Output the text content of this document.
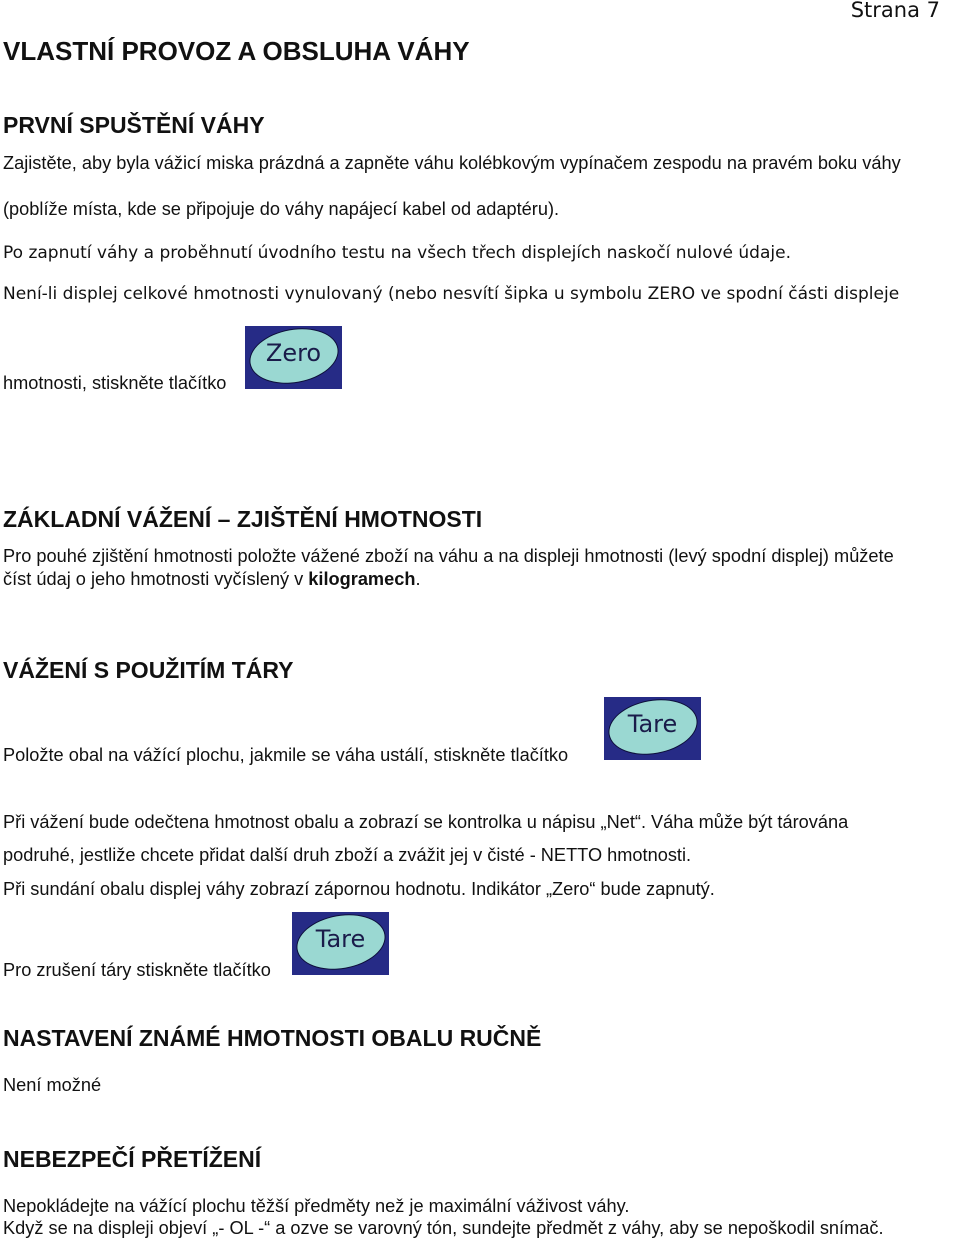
Strana 7
VLASTNÍ PROVOZ A OBSLUHA VÁHY
PRVNÍ SPUŠTĚNÍ VÁHY
Zajistěte, aby byla vážicí miska prázdná a zapněte váhu kolébkovým vypínačem zespodu na pravém boku váhy
(poblíže místa, kde se připojuje do váhy napájecí kabel od adaptéru).
Po zapnutí váhy a proběhnutí úvodního testu na všech třech displejích naskočí nulové údaje.
Není-li displej celkové hmotnosti vynulovaný (nebo nesvítí šipka u symbolu ZERO ve spodní části displeje
hmotnosti, stiskněte tlačítko
Zero
ZÁKLADNÍ VÁŽENÍ – ZJIŠTĚNÍ HMOTNOSTI
Pro pouhé zjištění hmotnosti položte vážené zboží na váhu a na displeji hmotnosti (levý spodní displej) můžete
číst údaj o jeho hmotnosti vyčíslený v kilogramech.
VÁŽENÍ S POUŽITÍM TÁRY
Položte obal na vážící plochu, jakmile se váha ustálí, stiskněte tlačítko
Tare
Při vážení bude odečtena hmotnost obalu a zobrazí se kontrolka u nápisu „Net“. Váha může být tárována
podruhé, jestliže chcete přidat další druh zboží a zvážit jej v čisté - NETTO hmotnosti.
Při sundání obalu displej váhy zobrazí zápornou hodnotu. Indikátor „Zero“ bude zapnutý.
Pro zrušení táry stiskněte tlačítko
Tare
NASTAVENÍ ZNÁMÉ HMOTNOSTI OBALU RUČNĚ
Není možné
NEBEZPEČÍ PŘETÍŽENÍ
Nepokládejte na vážící plochu těžší předměty než je maximální váživost váhy.
Když se na displeji objeví „- OL -“ a ozve se varovný tón, sundejte předmět z váhy, aby se nepoškodil snímač.
